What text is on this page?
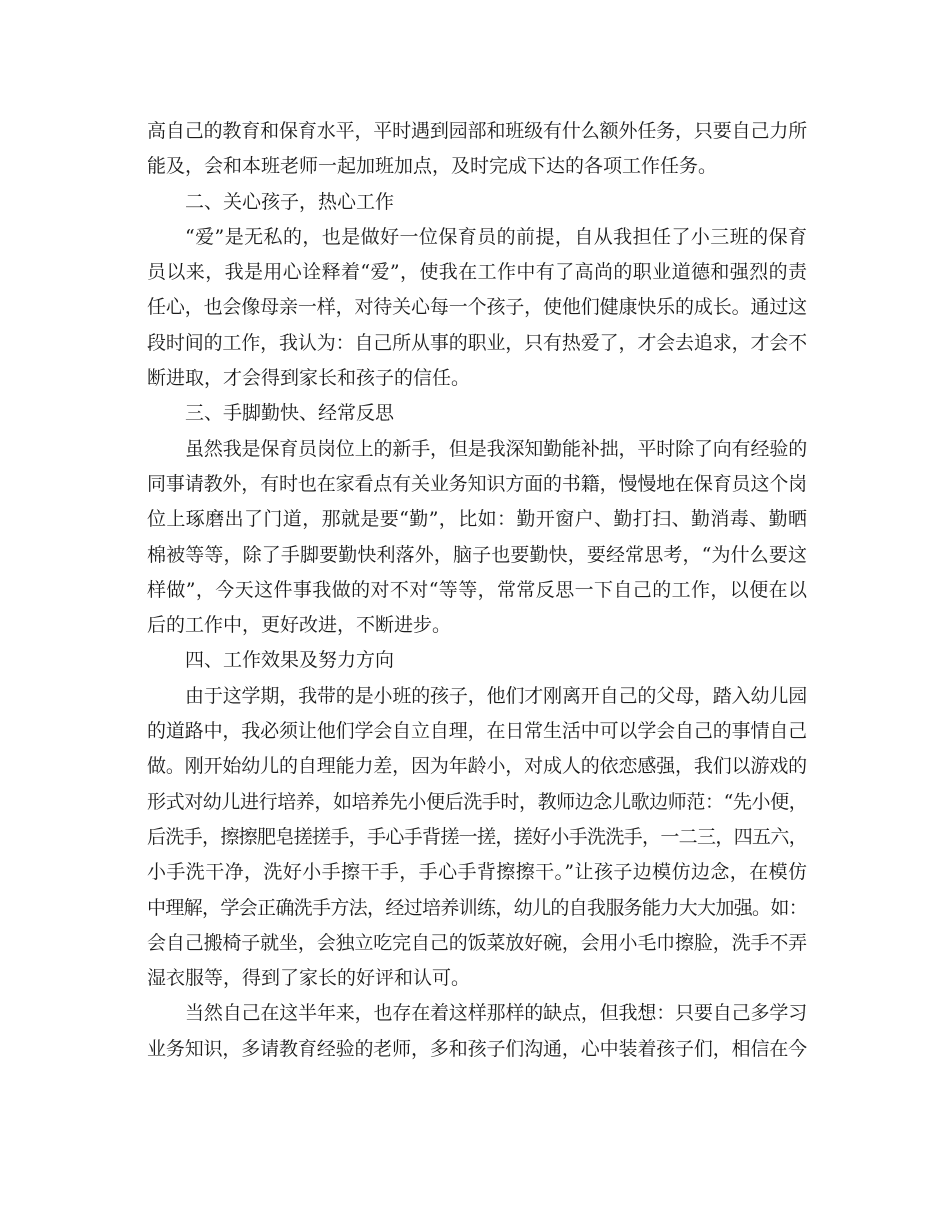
高自己的教育和保育水平，平时遇到园部和班级有什么额外任务，只要自己力所
能及，会和本班老师一起加班加点，及时完成下达的各项工作任务。
二、关心孩子，热心工作
“爱”是无私的，也是做好一位保育员的前提，自从我担任了小三班的保育
员以来，我是用心诠释着“爱”，使我在工作中有了高尚的职业道德和强烈的责
任心，也会像母亲一样，对待关心每一个孩子，使他们健康快乐的成长。通过这
段时间的工作，我认为：自己所从事的职业，只有热爱了，才会去追求，才会不
断进取，才会得到家长和孩子的信任。
三、手脚勤快、经常反思
虽然我是保育员岗位上的新手，但是我深知勤能补拙，平时除了向有经验的
同事请教外，有时也在家看点有关业务知识方面的书籍，慢慢地在保育员这个岗
位上琢磨出了门道，那就是要“勤”，比如：勤开窗户、勤打扫、勤消毒、勤晒
棉被等等，除了手脚要勤快利落外，脑子也要勤快，要经常思考，“为什么要这
样做”，今天这件事我做的对不对“等等，常常反思一下自己的工作，以便在以
后的工作中，更好改进，不断进步。
四、工作效果及努力方向
由于这学期，我带的是小班的孩子，他们才刚离开自己的父母，踏入幼儿园
的道路中，我必须让他们学会自立自理，在日常生活中可以学会自己的事情自己
做。刚开始幼儿的自理能力差，因为年龄小，对成人的依恋感强，我们以游戏的
形式对幼儿进行培养，如培养先小便后洗手时，教师边念儿歌边师范：“先小便，
后洗手，擦擦肥皂搓搓手，手心手背搓一搓，搓好小手洗洗手，一二三，四五六，
小手洗干净，洗好小手擦干手，手心手背擦擦干。”让孩子边模仿边念，在模仿
中理解，学会正确洗手方法，经过培养训练，幼儿的自我服务能力大大加强。如：
会自己搬椅子就坐，会独立吃完自己的饭菜放好碗，会用小毛巾擦脸，洗手不弄
湿衣服等，得到了家长的好评和认可。
当然自己在这半年来，也存在着这样那样的缺点，但我想：只要自己多学习
业务知识，多请教育经验的老师，多和孩子们沟通，心中装着孩子们，相信在今
